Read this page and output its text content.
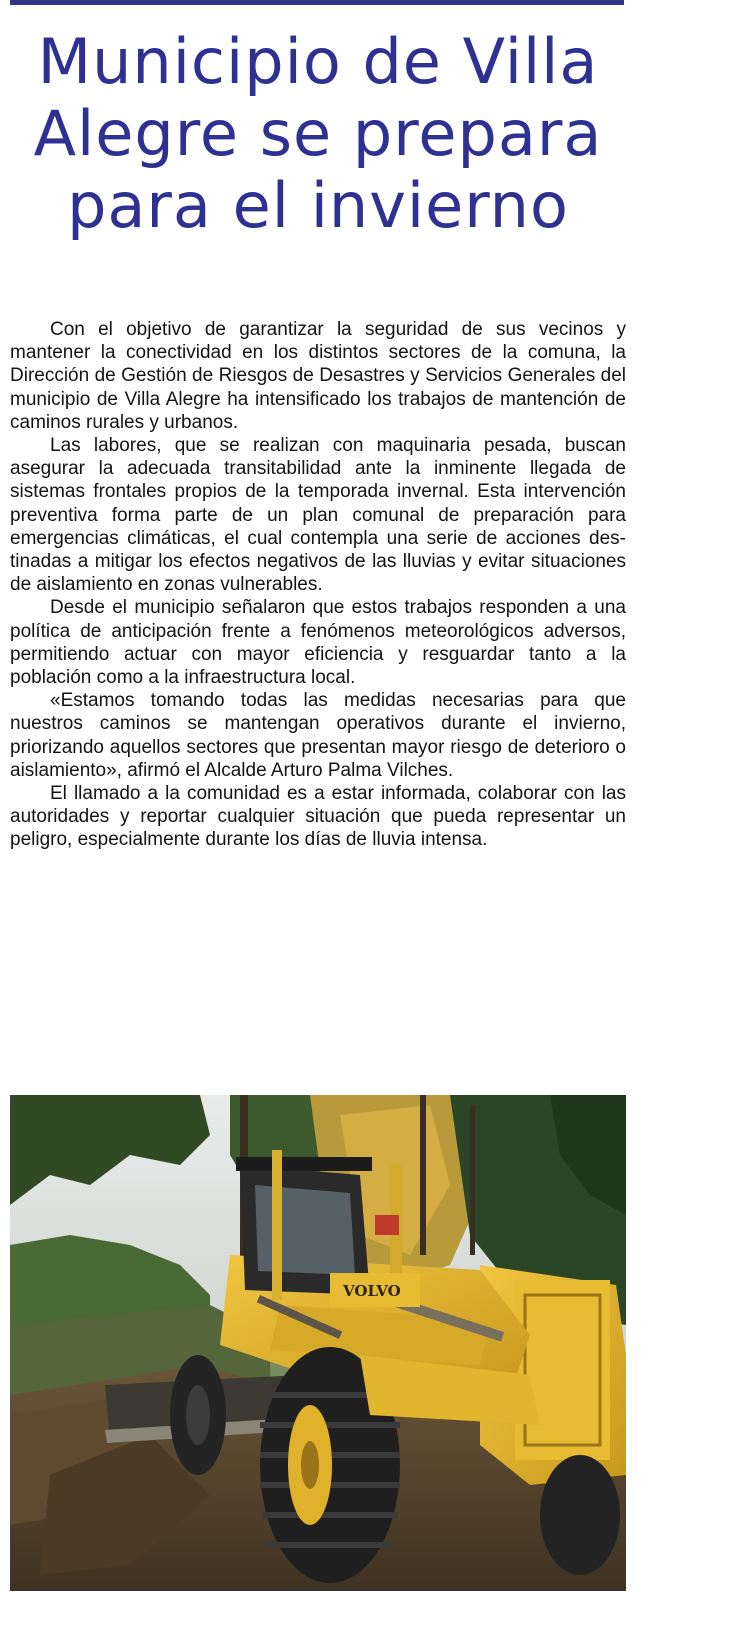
Municipio de Villa Alegre se prepara para el invierno

Con el objetivo de garantizar la seguridad de sus vecinos y mantener la conectividad en los distintos sectores de la comuna, la Dirección de Gestión de Riesgos de Desastres y Servicios Generales del municipio de Villa Alegre ha intensificado los trabajos de mantención de caminos rurales y urbanos.

Las labores, que se realizan con maquinaria pesada, buscan asegurar la adecuada transitabilidad ante la inminente llegada de sistemas frontales propios de la temporada invernal. Esta intervención preventiva forma parte de un plan comunal de preparación para emergencias climáticas, el cual contempla una serie de acciones destinadas a mitigar los efectos negativos de las lluvias y evitar situaciones de aislamiento en zonas vulnerables.

Desde el municipio señalaron que estos trabajos responden a una política de anticipación frente a fenómenos meteorológicos adversos, permitiendo actuar con mayor eficiencia y resguardar tanto a la población como a la infraestructura local.

«Estamos tomando todas las medidas necesarias para que nuestros caminos se mantengan operativos durante el invierno, priorizando aquellos sectores que presentan mayor riesgo de deterioro o aislamiento», afirmó el Alcalde Arturo Palma Vilches.

El llamado a la comunidad es a estar informada, colaborar con las autoridades y reportar cualquier situación que pueda representar un peligro, especialmente durante los días de lluvia intensa.

VOLVO
